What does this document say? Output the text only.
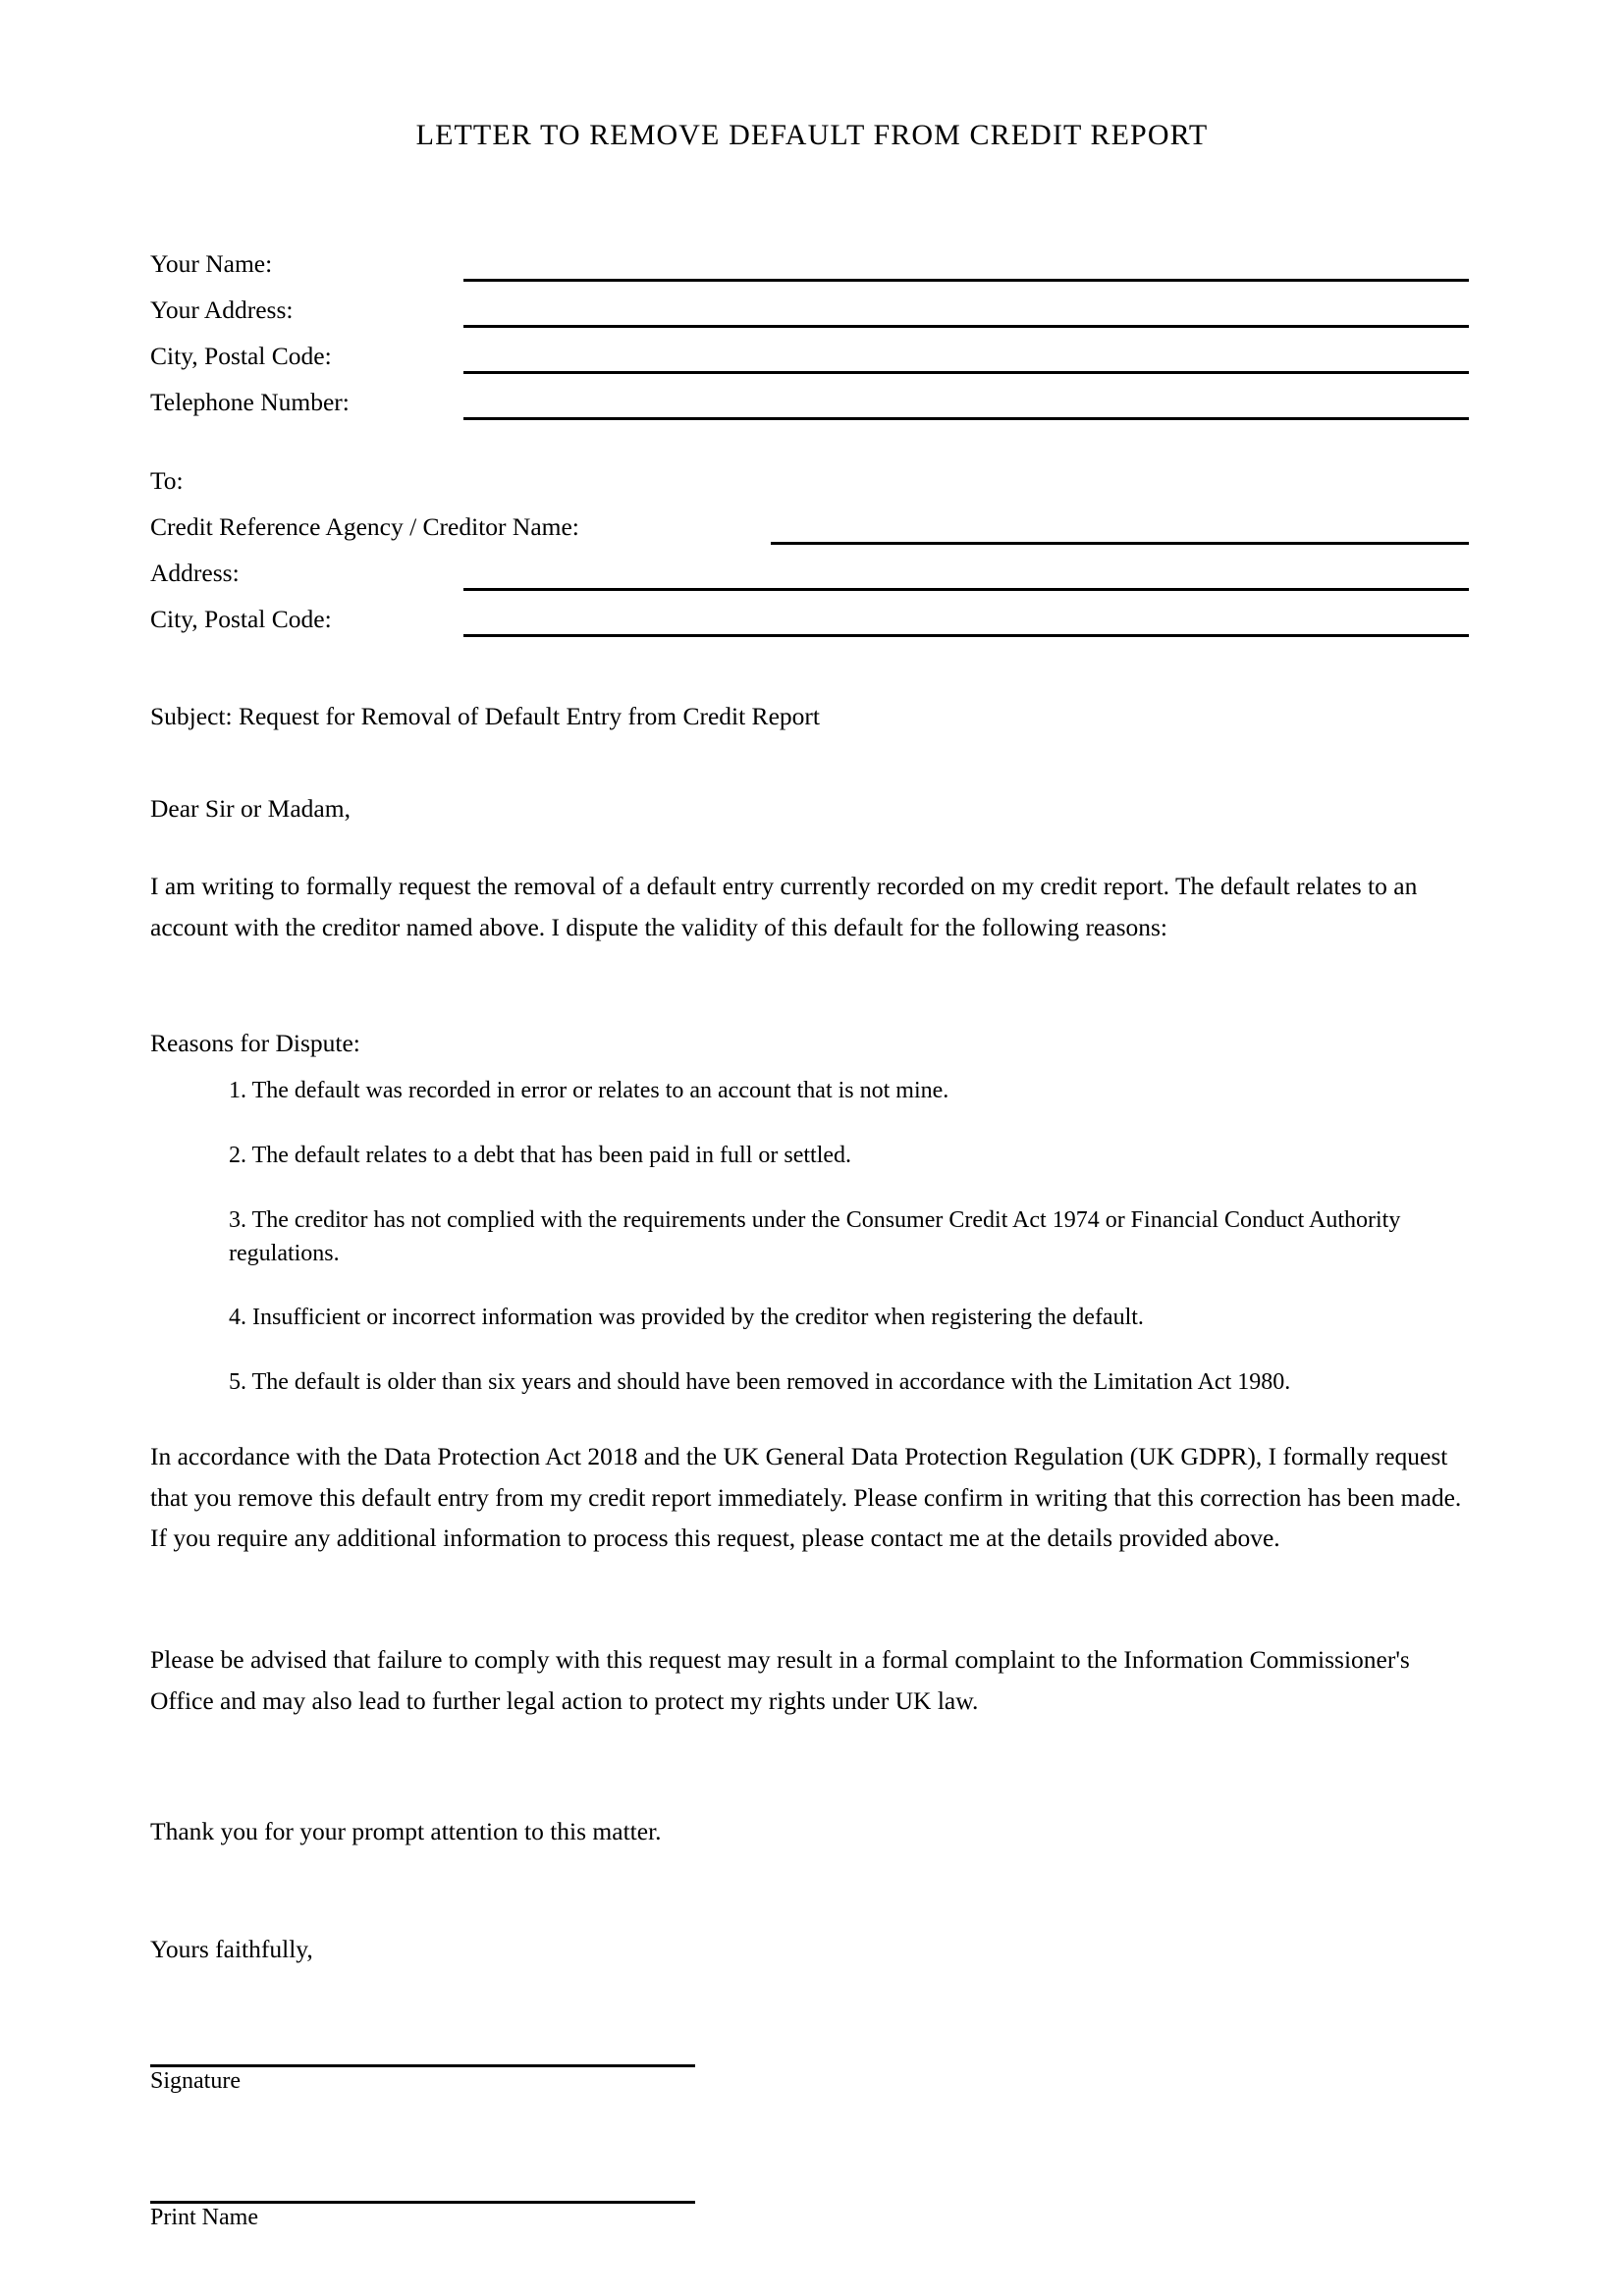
LETTER TO REMOVE DEFAULT FROM CREDIT REPORT
Your Name:
Your Address:
City, Postal Code:
Telephone Number:
To:
Credit Reference Agency / Creditor Name:
Address:
City, Postal Code:
Subject: Request for Removal of Default Entry from Credit Report
Dear Sir or Madam,
I am writing to formally request the removal of a default entry currently recorded on my credit report. The default relates to an account with the creditor named above. I dispute the validity of this default for the following reasons:
Reasons for Dispute:
1. The default was recorded in error or relates to an account that is not mine.
2. The default relates to a debt that has been paid in full or settled.
3. The creditor has not complied with the requirements under the Consumer Credit Act 1974 or Financial Conduct Authority regulations.
4. Insufficient or incorrect information was provided by the creditor when registering the default.
5. The default is older than six years and should have been removed in accordance with the Limitation Act 1980.
In accordance with the Data Protection Act 2018 and the UK General Data Protection Regulation (UK GDPR), I formally request that you remove this default entry from my credit report immediately. Please confirm in writing that this correction has been made. If you require any additional information to process this request, please contact me at the details provided above.
Please be advised that failure to comply with this request may result in a formal complaint to the Information Commissioner's Office and may also lead to further legal action to protect my rights under UK law.
Thank you for your prompt attention to this matter.
Yours faithfully,
Signature
Print Name
